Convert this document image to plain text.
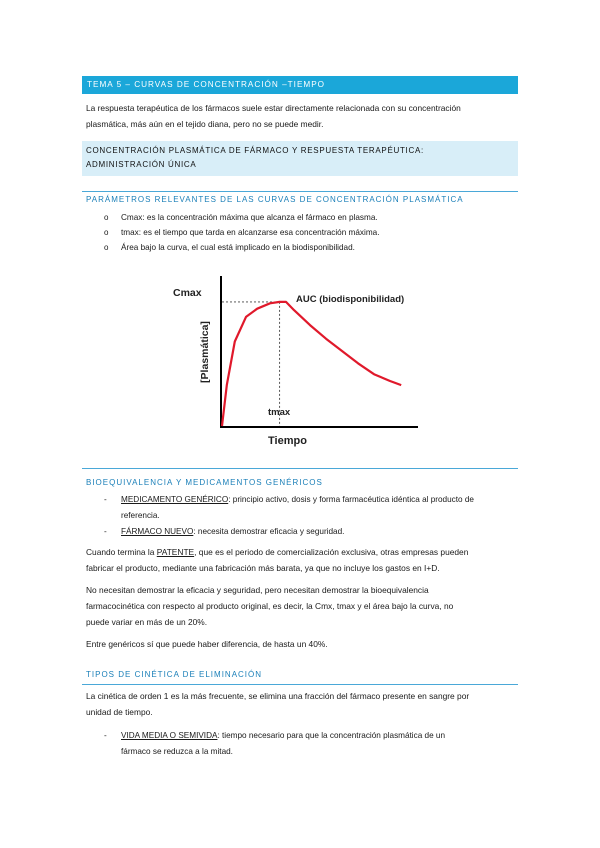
TEMA 5 – CURVAS DE CONCENTRACIÓN –TIEMPO
La respuesta terapéutica de los fármacos suele estar directamente relacionada con su concentración
plasmática, más aún en el tejido diana, pero no se puede medir.
CONCENTRACIÓN PLASMÁTICA DE FÁRMACO Y RESPUESTA TERAPÉUTICA:
ADMINISTRACIÓN ÚNICA
PARÁMETROS RELEVANTES DE LAS CURVAS DE CONCENTRACIÓN PLASMÁTICA
o Cmax: es la concentración máxima que alcanza el fármaco en plasma.
o tmax: es el tiempo que tarda en alcanzarse esa concentración máxima.
o Área bajo la curva, el cual está implicado en la biodisponibilidad.
Cmax
[Plasmática]
AUC (biodisponibilidad)
tmax
Tiempo
BIOEQUIVALENCIA Y MEDICAMENTOS GENÉRICOS
- MEDICAMENTO GENÉRICO: principio activo, dosis y forma farmacéutica idéntica al producto de
referencia.
- FÁRMACO NUEVO: necesita demostrar eficacia y seguridad.
Cuando termina la PATENTE, que es el periodo de comercialización exclusiva, otras empresas pueden
fabricar el producto, mediante una fabricación más barata, ya que no incluye los gastos en I+D.
No necesitan demostrar la eficacia y seguridad, pero necesitan demostrar la bioequivalencia
farmacocinética con respecto al producto original, es decir, la Cmx, tmax y el área bajo la curva, no
puede variar en más de un 20%.
Entre genéricos sí que puede haber diferencia, de hasta un 40%.
TIPOS DE CINÉTICA DE ELIMINACIÓN
La cinética de orden 1 es la más frecuente, se elimina una fracción del fármaco presente en sangre por
unidad de tiempo.
- VIDA MEDIA O SEMIVIDA: tiempo necesario para que la concentración plasmática de un
fármaco se reduzca a la mitad.
